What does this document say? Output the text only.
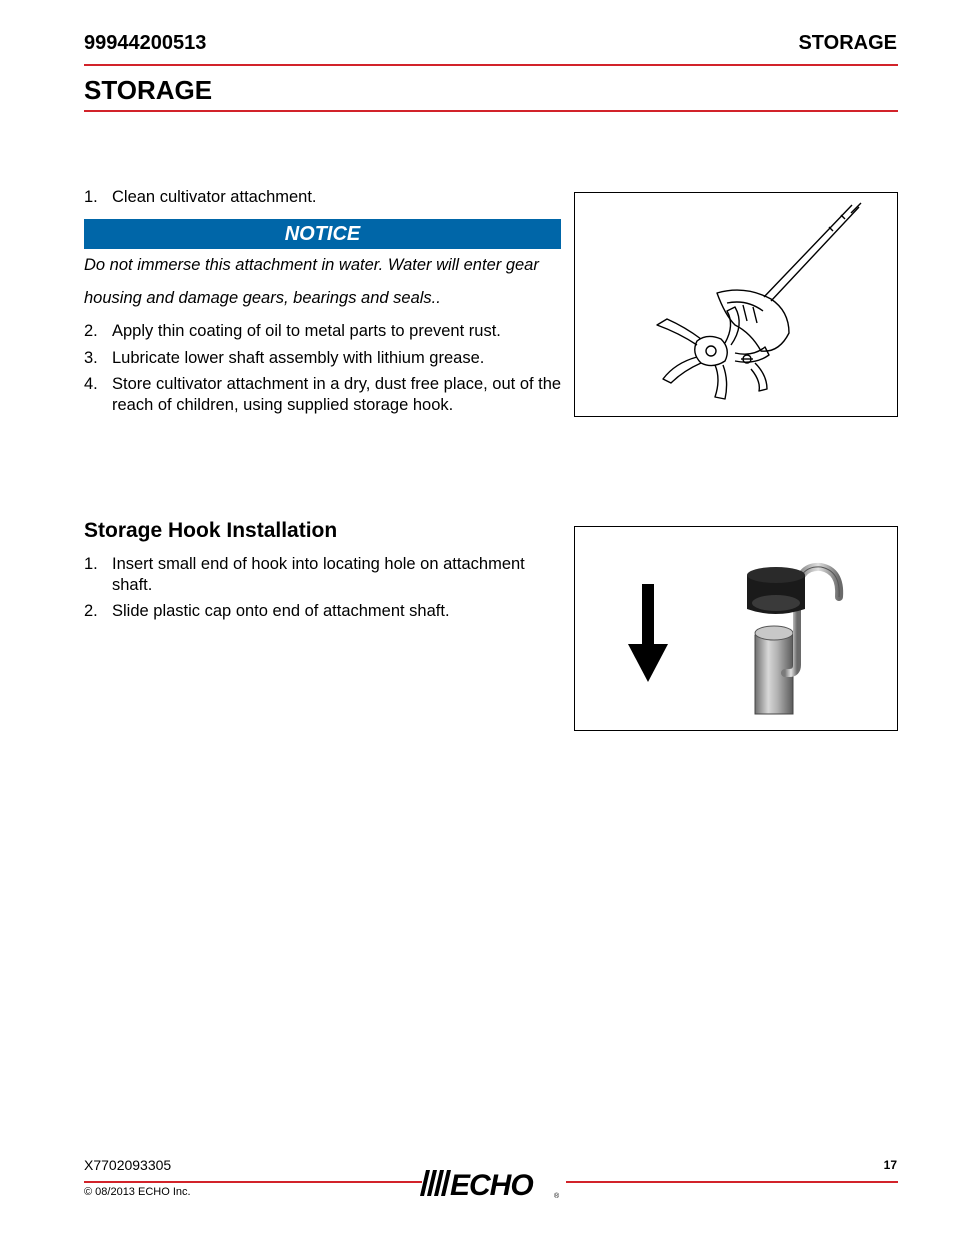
99944200513	STORAGE
STORAGE
1. Clean cultivator attachment.
NOTICE
Do not immerse this attachment in water. Water will enter gear
housing and damage gears, bearings and seals..
2. Apply thin coating of oil to metal parts to prevent rust.
3. Lubricate lower shaft assembly with lithium grease.
4. Store cultivator attachment in a dry, dust free place, out of the reach of children, using supplied storage hook.
Storage Hook Installation
1. Insert small end of hook into locating hole on attachment shaft.
2. Slide plastic cap onto end of attachment shaft.
X7702093305
© 08/2013 ECHO Inc.
17
ECHO	®
